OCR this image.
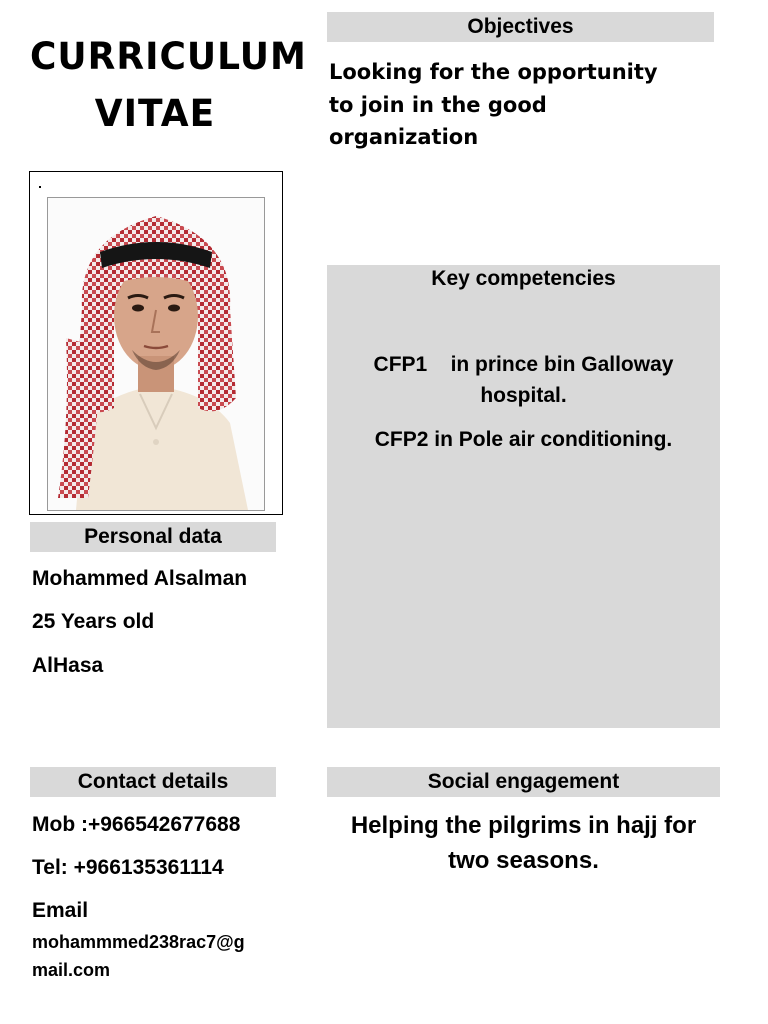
CURRICULUM
VITAE
Objectives
Looking for the opportunity
to join in the good
organization
Key competencies
CFP1    in prince bin Galloway
hospital.
CFP2 in Pole air conditioning.
Personal data
Mohammed Alsalman
25 Years old
AlHasa
Contact details
Mob :+966542677688
Tel: +966135361114
Email
mohammmed238rac7@g
mail.com
Social engagement
Helping the pilgrims in hajj for
two seasons.
